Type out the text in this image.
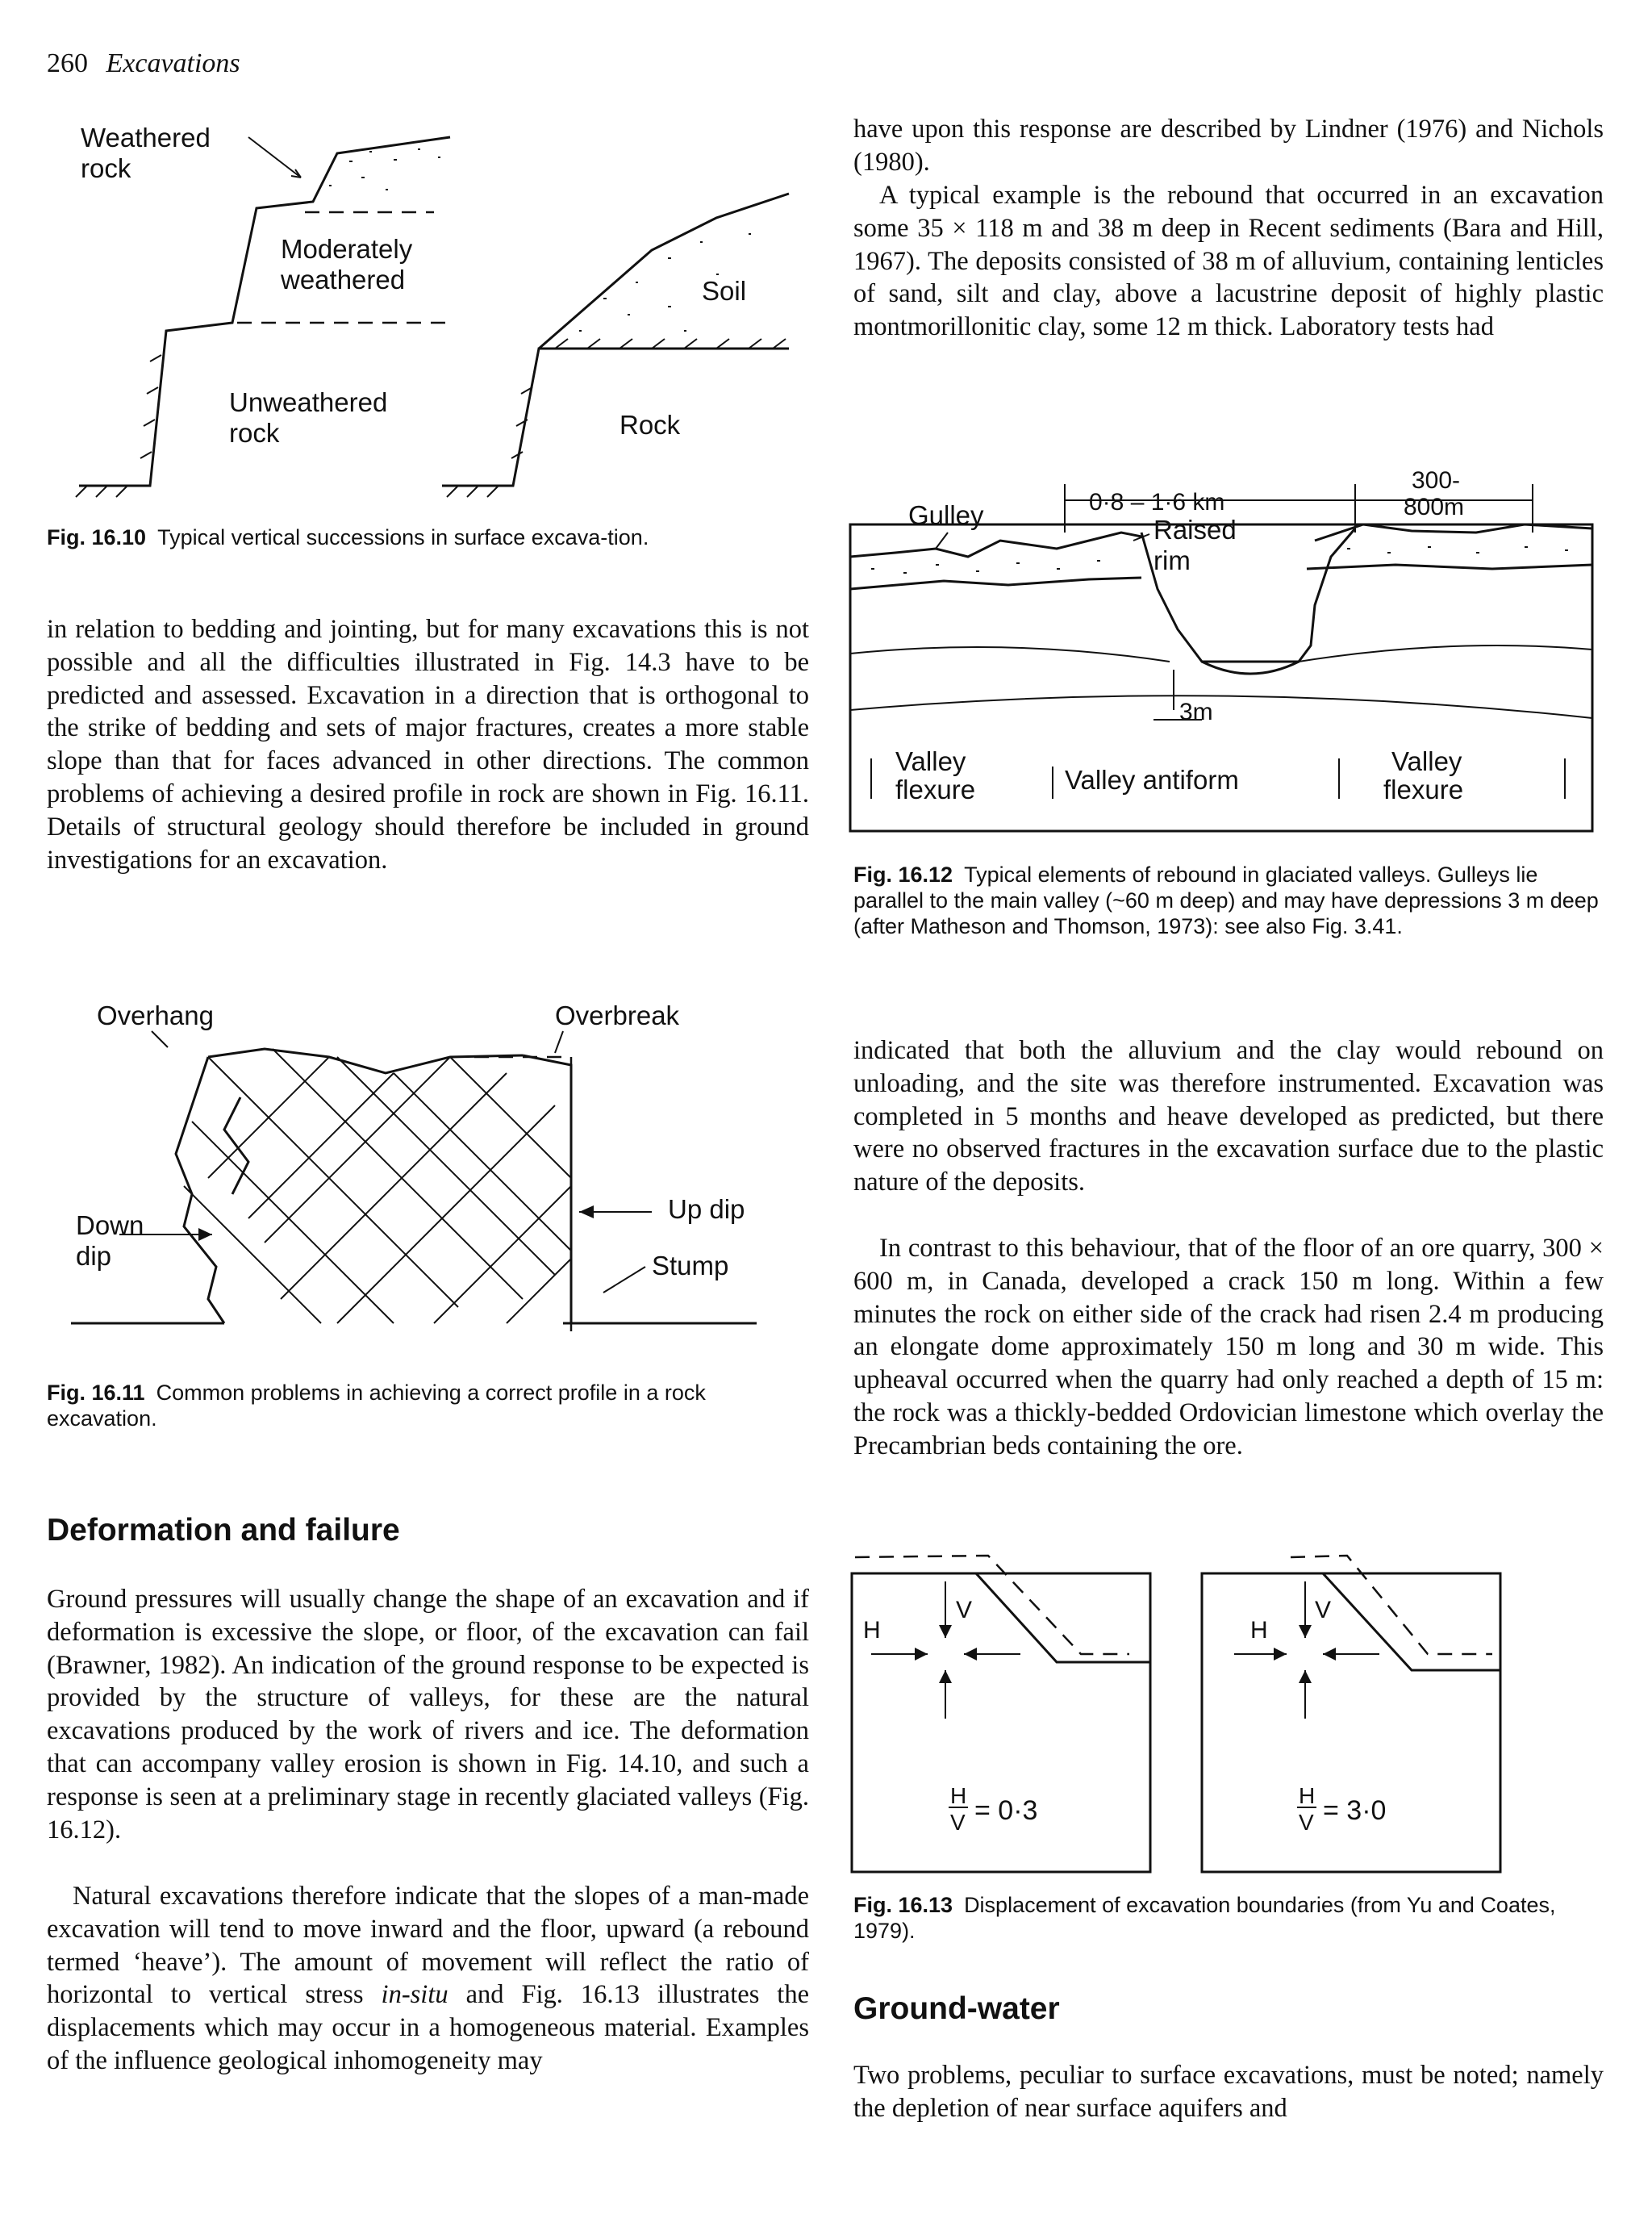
260 Excavations
Weathered
rock
Moderately
weathered
Unweathered
rock
Soil
Rock
Fig. 16.10 Typical vertical successions in surface excava-tion.

in relation to bedding and jointing, but for many excavations this is not possible and all the difficulties illustrated in Fig. 14.3 have to be predicted and assessed. Excavation in a direction that is orthogonal to the strike of bedding and sets of major fractures, creates a more stable slope than that for faces advanced in other directions. The common problems of achieving a desired profile in rock are shown in Fig. 16.11. Details of structural geology should therefore be included in ground investigations for an excavation.

Overhang	Overbreak
Down
dip
Up dip
Stump
Fig. 16.11 Common problems in achieving a correct profile in a rock excavation.
Deformation and failure

Ground pressures will usually change the shape of an excavation and if deformation is excessive the slope, or floor, of the excavation can fail (Brawner, 1982). An indication of the ground response to be expected is provided by the structure of valleys, for these are the natural excavations produced by the work of rivers and ice. The deformation that can accompany valley erosion is shown in Fig. 14.10, and such a response is seen at a preliminary stage in recently glaciated valleys (Fig. 16.12).

Natural excavations therefore indicate that the slopes of a man-made excavation will tend to move inward and the floor, upward (a rebound termed ‘heave’). The amount of movement will reflect the ratio of horizontal to vertical stress in-situ and Fig. 16.13 illustrates the displacements which may occur in a homogeneous material. Examples of the influence geological inhomogeneity may

have upon this response are described by Lindner (1976) and Nichols (1980).

A typical example is the rebound that occurred in an excavation some 35 × 118 m and 38 m deep in Recent sediments (Bara and Hill, 1967). The deposits consisted of 38 m of alluvium, containing lenticles of sand, silt and clay, above a lacustrine deposit of highly plastic montmorillonitic clay, some 12 m thick. Laboratory tests had

Gulley	0·8 – 1·6 km
300-
800m
Raised
rim
3m
Valley
flexure	Valley antiform
Valley
flexure
Fig. 16.12 Typical elements of rebound in glaciated valleys. Gulleys lie parallel to the main valley (~60 m deep) and may have depressions 3 m deep (after Matheson and Thomson, 1973): see also Fig. 3.41.

indicated that both the alluvium and the clay would rebound on unloading, and the site was therefore instrumented. Excavation was completed in 5 months and heave developed as predicted, but there were no observed fractures in the excavation surface due to the plastic nature of the deposits.

In contrast to this behaviour, that of the floor of an ore quarry, 300 × 600 m, in Canada, developed a crack 150 m long. Within a few minutes the rock on either side of the crack had risen 2.4 m producing an elongate dome approximately 150 m long and 30 m wide. This upheaval occurred when the quarry had only reached a depth of 15 m: the rock was a thickly-bedded Ordovician limestone which overlay the Precambrian beds containing the ore.

H
V
H
V = 0·3
H
V
H
V = 3·0
Fig. 16.13 Displacement of excavation boundaries (from Yu and Coates, 1979).
Ground-water

Two problems, peculiar to surface excavations, must be noted; namely the depletion of near surface aquifers and
